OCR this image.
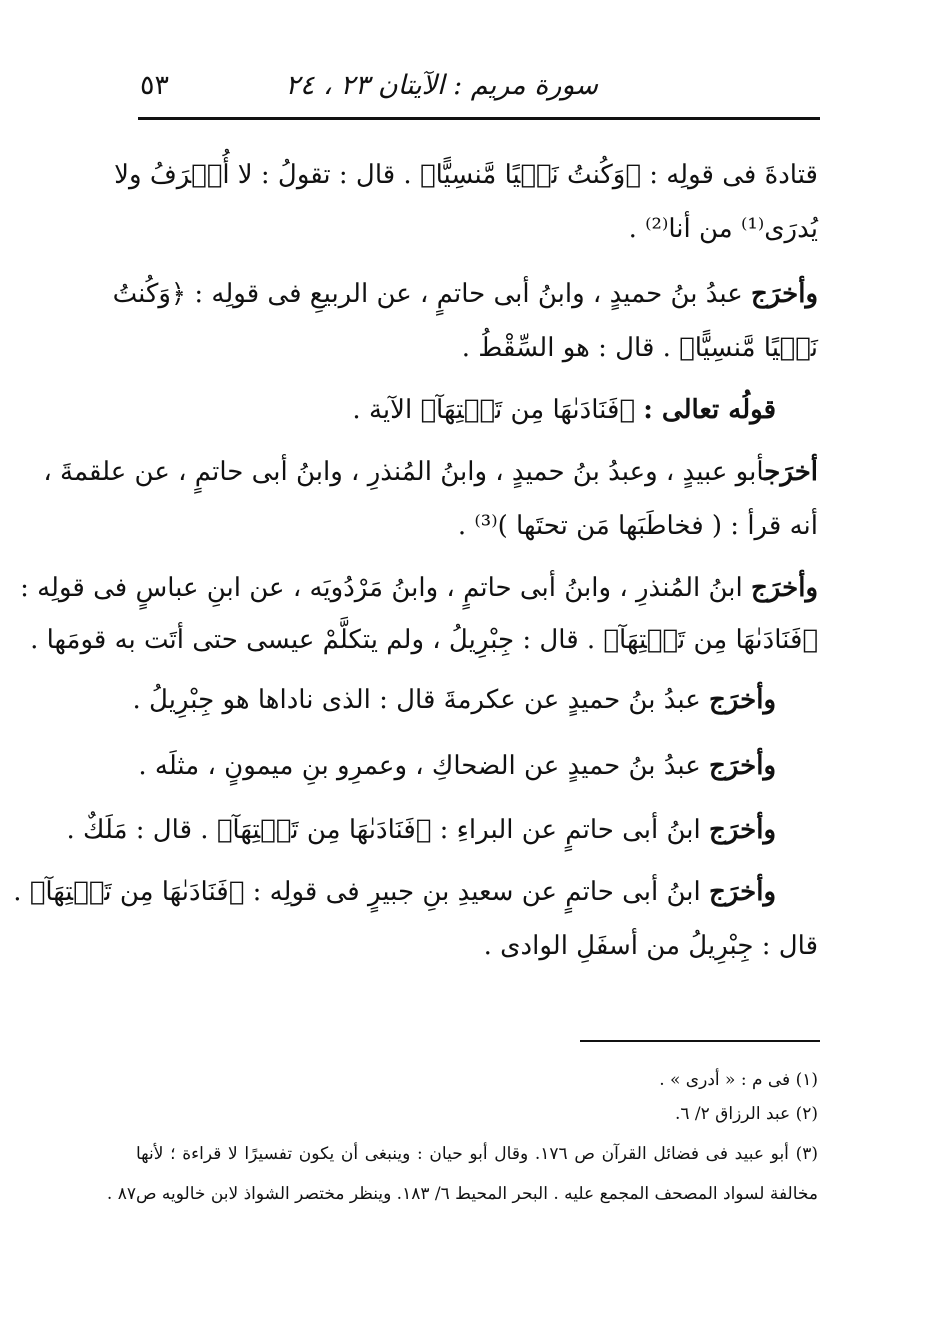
سورة مريم : الآيتان ٢٣ ، ٢٤
٥٣
قتادةَ فى قولِه : ﴿وَكُنتُ نَسۡيًا مَّنسِيًّا﴾ . قال : تقولُ : لا أُعۡرَفُ ولا
يُدرَى⁽¹⁾ من أنا⁽²⁾ .
وأخرَج عبدُ بنُ حميدٍ ، وابنُ أبى حاتمٍ ، عن الربيعِ فى قولِه : ﴿وَكُنتُ
نَسۡيًا مَّنسِيًّا﴾ . قال : هو السِّقْطُ .
قولُه تعالى : ﴿فَنَادَىٰهَا مِن تَحۡتِهَآ﴾ الآية .
أخرَجأبو عبيدٍ ، وعبدُ بنُ حميدٍ ، وابنُ المُنذرِ ، وابنُ أبى حاتمٍ ، عن علقمةَ ،
أنه قرأ : ( فخاطَبَها مَن تحتَها )⁽³⁾ .
وأخرَج ابنُ المُنذرِ ، وابنُ أبى حاتمٍ ، وابنُ مَرْدُويَه ، عن ابنِ عباسٍ فى قولِه :
﴿فَنَادَىٰهَا مِن تَحۡتِهَآ﴾ . قال : جِبْرِيلُ ، ولم يتكلَّمْ عيسى حتى أتَت به قومَها .
وأخرَج عبدُ بنُ حميدٍ عن عكرمةَ قال : الذى ناداها هو جِبْرِيلُ .
وأخرَج عبدُ بنُ حميدٍ عن الضحاكِ ، وعمرِو بنِ ميمونٍ ، مثلَه .
وأخرَج ابنُ أبى حاتمٍ عن البراءِ : ﴿فَنَادَىٰهَا مِن تَحۡتِهَآ﴾ . قال : مَلَكٌ .
وأخرَج ابنُ أبى حاتمٍ عن سعيدِ بنِ جبيرٍ فى قولِه : ﴿فَنَادَىٰهَا مِن تَحۡتِهَآ﴾ .
قال : جِبْرِيلُ من أسفَلِ الوادى .
(١) فى م : « أدرى » .
(٢) عبد الرزاق ٢/ ٦.
(٣) أبو عبيد فى فضائل القرآن ص ١٧٦. وقال أبو حيان : وينبغى أن يكون تفسيرًا لا قراءة ؛ لأنها
مخالفة لسواد المصحف المجمع عليه . البحر المحيط ٦/ ١٨٣. وينظر مختصر الشواذ لابن خالويه ص٨٧ .
